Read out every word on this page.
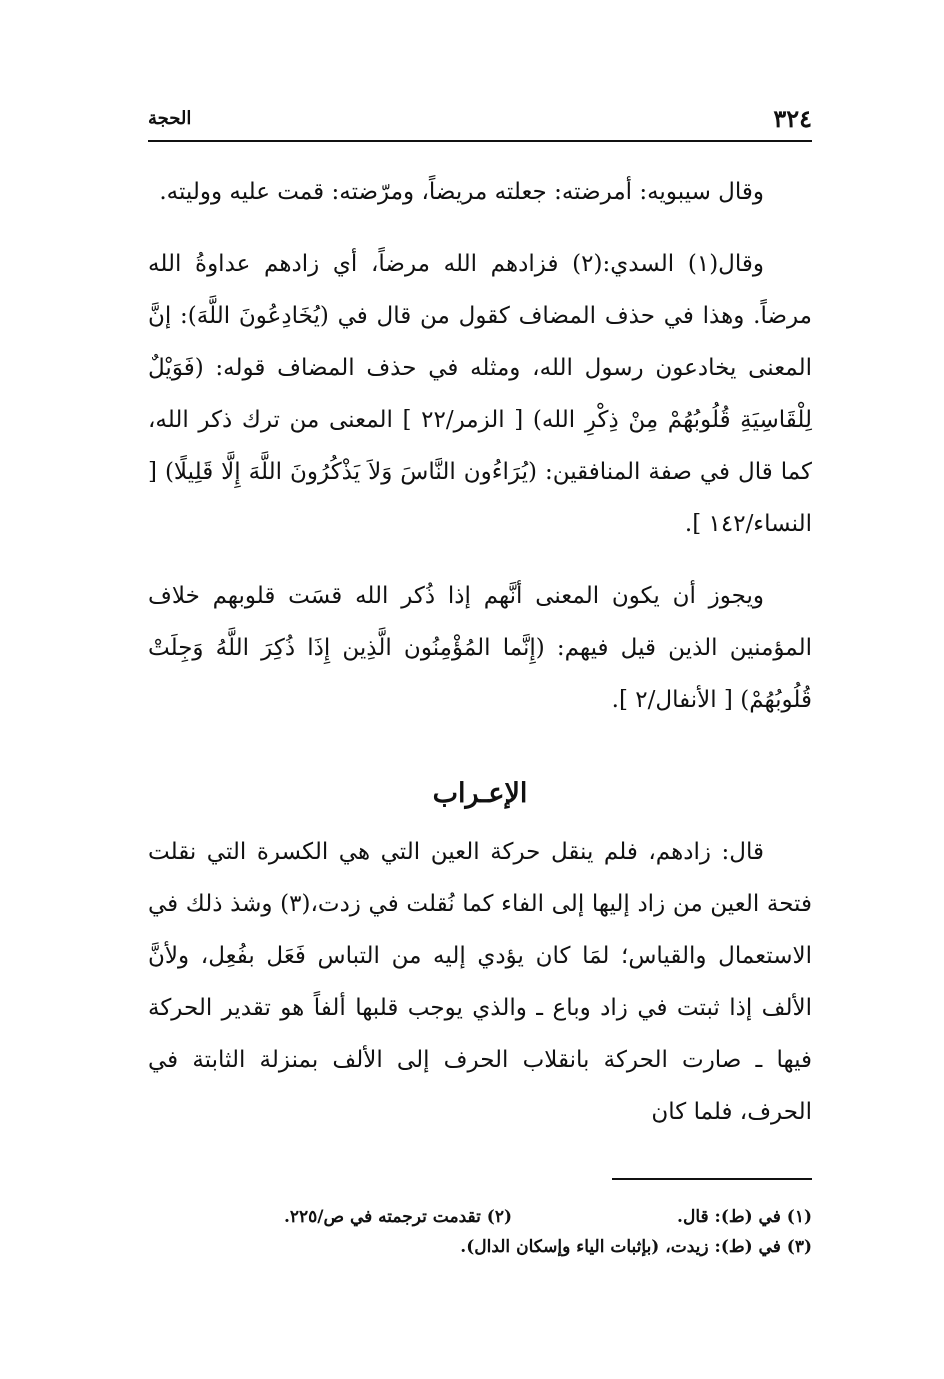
٣٢٤
الحجة

وقال سيبويه: أمرضته: جعلته مريضاً، ومرّضته: قمت عليه ووليته.

وقال(١) السدي:(٢) فزادهم الله مرضاً، أي زادهم عداوةُ الله مرضاً. وهذا في حذف المضاف كقول من قال في (يُخَادِعُونَ اللَّهَ): إنَّ المعنى يخادعون رسول الله، ومثله في حذف المضاف قوله: (فَوَيْلٌ لِلْقَاسِيَةِ قُلُوبُهُمْ مِنْ ذِكْرِ الله) [ الزمر/٢٢ ] المعنى من ترك ذكر الله، كما قال في صفة المنافقين: (يُرَاءُون النَّاسَ وَلاَ يَذْكُرُونَ اللَّهَ إِلَّا قَلِيلًا) [ النساء/١٤٢ ].

ويجوز أن يكون المعنى أنَّهم إذا ذُكر الله قسَت قلوبهم خلاف المؤمنين الذين قيل فيهم: (إِنَّما المُؤْمِنُون الَّذِين إِذَا ذُكِرَ اللَّهُ وَجِلَتْ قُلُوبُهُمْ) [ الأنفال/٢ ].

الإعـراب

قال: زادهم، فلم ينقل حركة العين التي هي الكسرة التي نقلت فتحة العين من زاد إليها إلى الفاء كما نُقلت في زدت،(٣) وشذ ذلك في الاستعمال والقياس؛ لمَا كان يؤدي إليه من التباس فَعَل بفُعِل، ولأنَّ الألف إذا ثبتت في زاد وباع ـ والذي يوجب قلبها ألفاً هو تقدير الحركة فيها ـ صارت الحركة بانقلاب الحرف إلى الألف بمنزلة الثابتة في الحرف، فلما كان

(١) في (ط): قال.
(٢) تقدمت ترجمته في ص/٢٢٥.
(٣) في (ط): زيدت، (بإثبات الياء وإسكان الدال).
